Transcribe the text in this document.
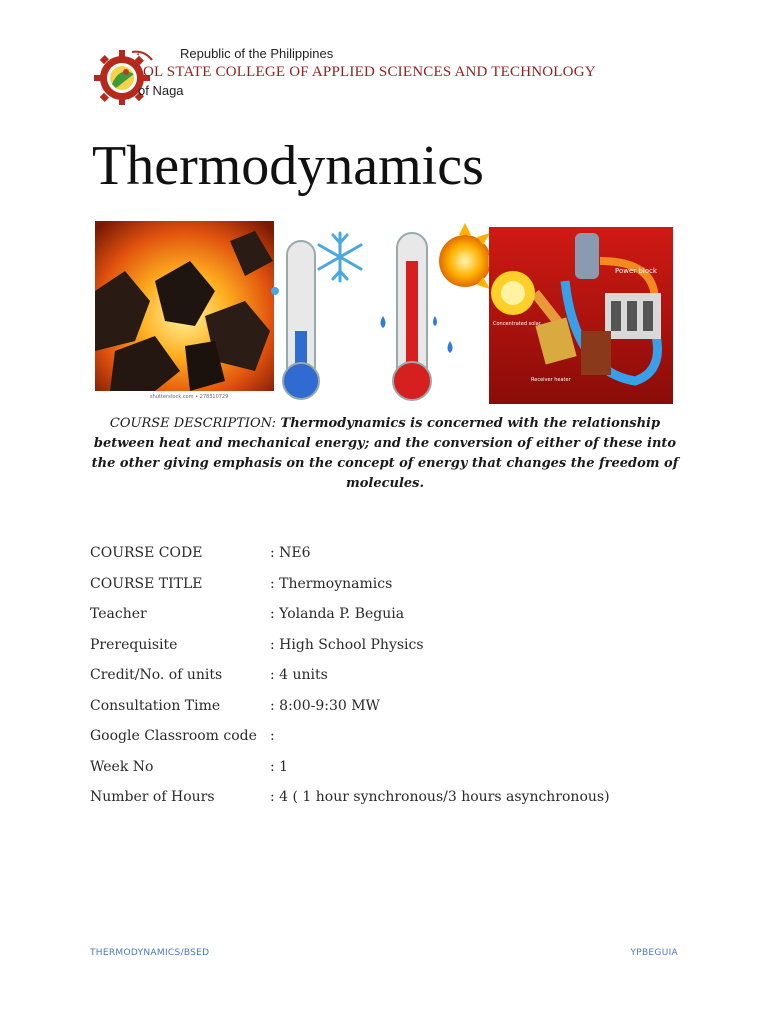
✦	Republic of the Philippines
OL STATE COLLEGE OF APPLIED SCIENCES AND TECHNOLOGY
of Naga
Thermodynamics
shutterstock.com • 278310729
Power block
Concentrated solar
Receiver heater
COURSE DESCRIPTION: Thermodynamics is concerned with the relationship between heat and mechanical energy; and the conversion of either of these into the other giving emphasis on the concept of energy that changes the freedom of molecules.
COURSE CODE	: NE6
COURSE TITLE	: Thermoynamics
Teacher	: Yolanda P. Beguia
Prerequisite	: High School Physics
Credit/No. of units	: 4 units
Consultation Time	: 8:00-9:30 MW
Google Classroom code :
Week No	: 1
Number of Hours	: 4 ( 1 hour synchronous/3 hours asynchronous)
THERMODYNAMICS/BSED	YPBEGUIA
